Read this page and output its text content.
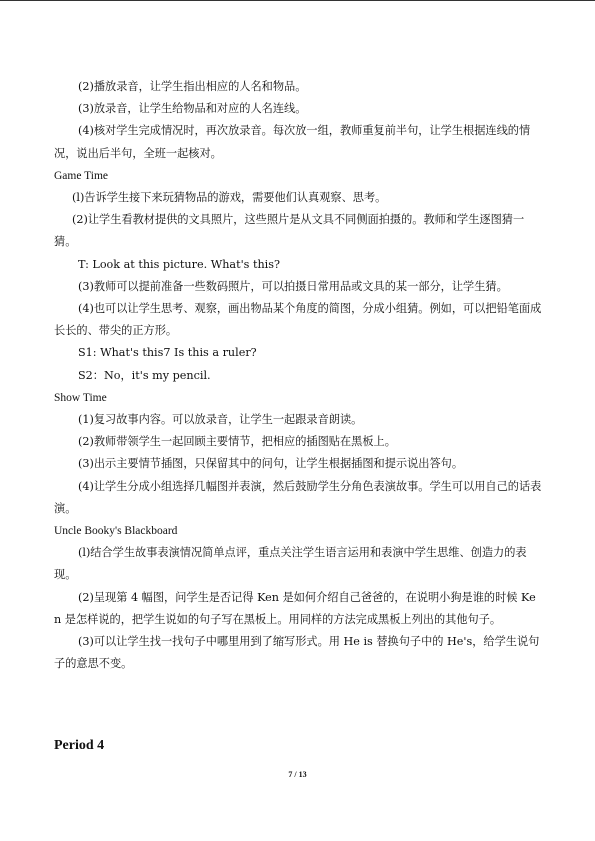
(2)播放录音，让学生指出相应的人名和物品。

(3)放录音，让学生给物品和对应的人名连线。

(4)核对学生完成情况时，再次放录音。每次放一组，教师重复前半句，让学生根据连线的情况，说出后半句，全班一起核对。

Game Time

(l)告诉学生接下来玩猜物品的游戏，需要他们认真观察、思考。

(2)让学生看教材提供的文具照片，这些照片是从文具不同侧面拍摄的。教师和学生逐图猜一猜。

T: Look at this picture. What's this?

(3)教师可以提前准备一些数码照片，可以拍摄日常用品或文具的某一部分，让学生猜。

(4)也可以让学生思考、观察，画出物品某个角度的简图，分成小组猜。例如，可以把铅笔面成长长的、带尖的正方形。

S1: What's this7 Is this a ruler?

S2：No，it's my pencil.

Show Time

(1)复习故事内容。可以放录音，让学生一起跟录音朗读。

(2)教师带领学生一起回顾主要情节，把相应的插图贴在黑板上。

(3)出示主要情节插图，只保留其中的问句，让学生根据插图和提示说出答句。

(4)让学生分成小组选择几幅图并表演，然后鼓励学生分角色表演故事。学生可以用自己的话表演。

Uncle Booky's Blackboard

(l)结合学生故事表演情况简单点评，重点关注学生语言运用和表演中学生思维、创造力的表现。

(2)呈现第 4 幅图，问学生是否记得 Ken 是如何介绍自己爸爸的，在说明小狗是谁的时候 Ken 是怎样说的，把学生说如的句子写在黑板上。用同样的方法完成黑板上列出的其他句子。

(3)可以让学生找一找句子中哪里用到了缩写形式。用 He is 替换句子中的 He's，给学生说句子的意思不变。

Period 4
7 / 13
